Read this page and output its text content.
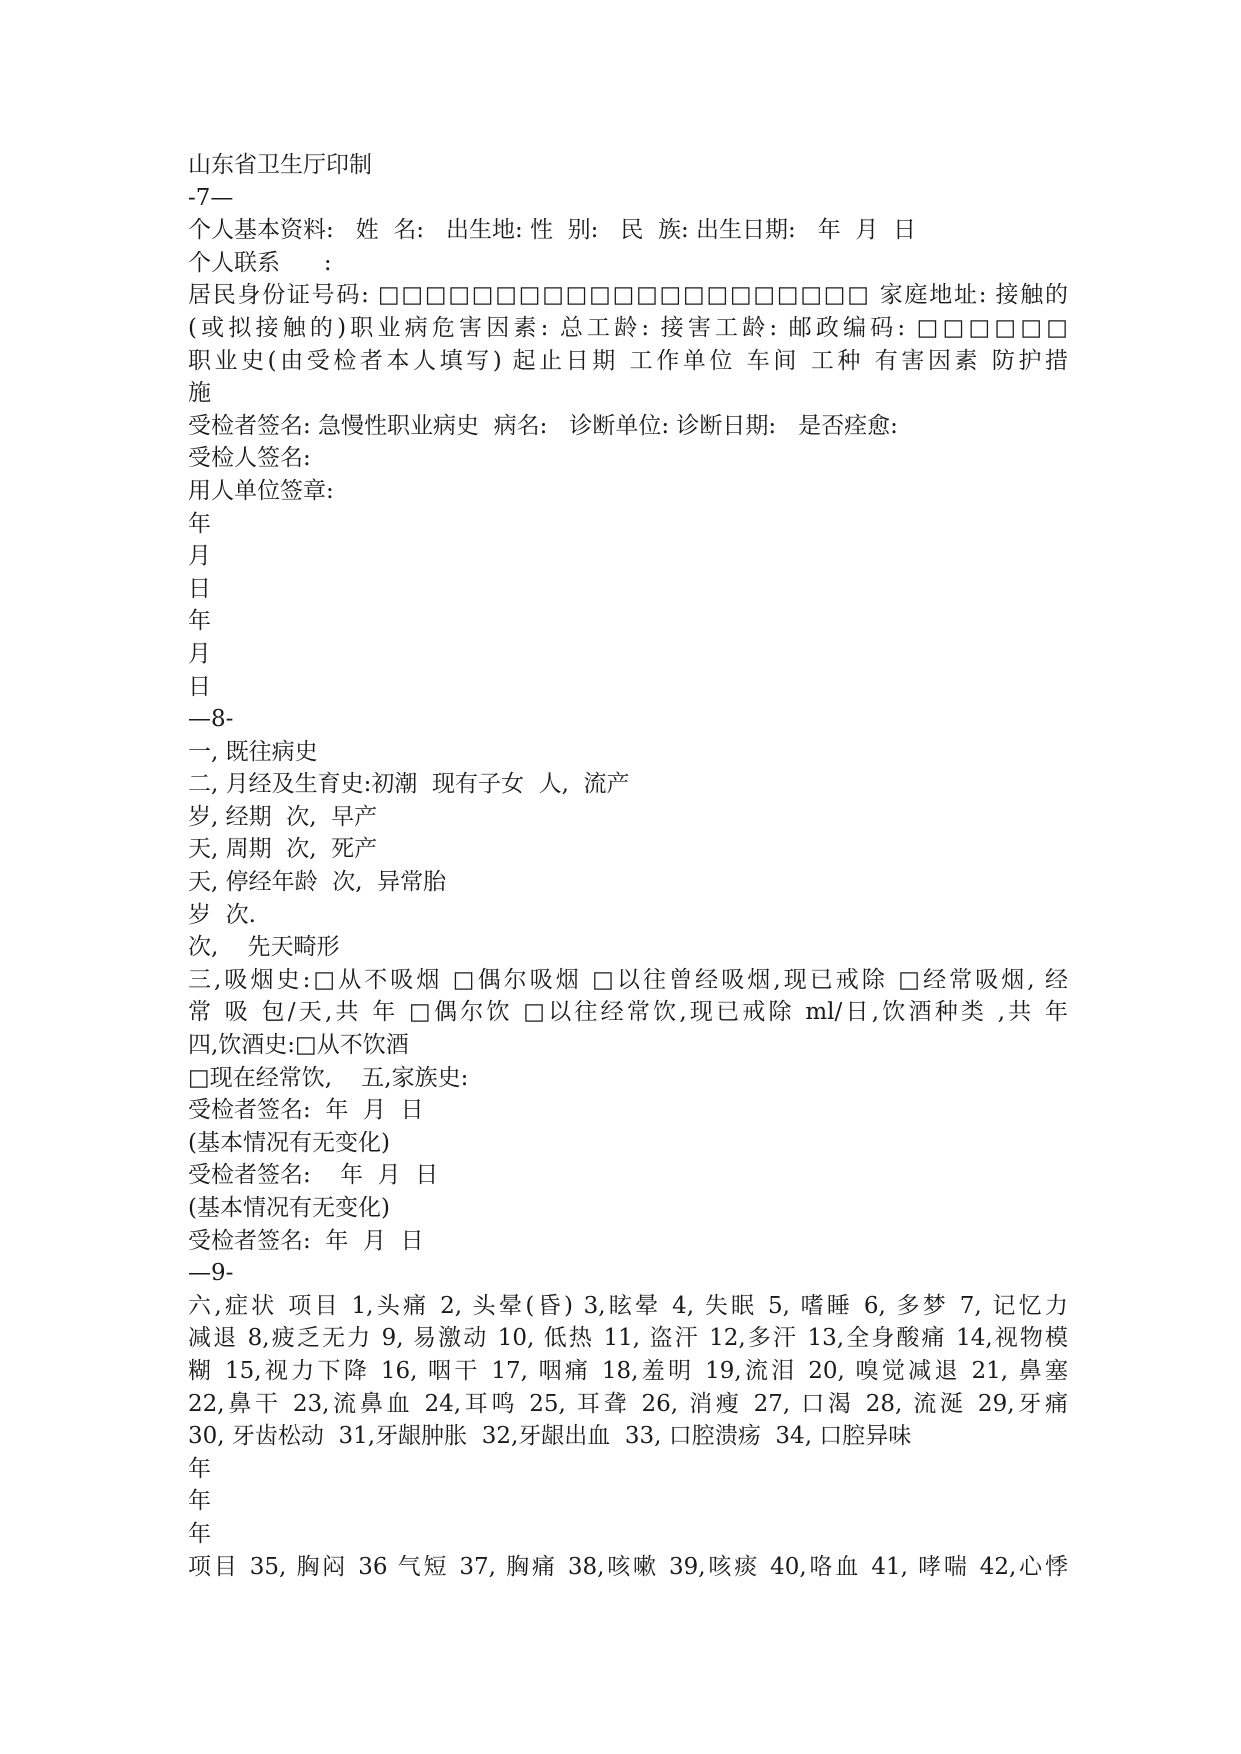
山东省卫生厅印制
-7—
个人基本资料:   姓  名:   出生地: 性  别:   民  族: 出生日期:   年  月  日
个人联系      :
居民身份证号码: □□□□□□□□□□□□□□□□□□□□□ 家庭地址: 接触的
(或拟接触的)职业病危害因素: 总工龄: 接害工龄: 邮政编码: □□□□□□
职业史(由受检者本人填写) 起止日期 工作单位 车间 工种 有害因素 防护措
施
受检者签名: 急慢性职业病史  病名:   诊断单位: 诊断日期:   是否痊愈:
受检人签名:
用人单位签章:
年
月
日
年
月
日
—8-
一, 既往病史
二, 月经及生育史:初潮  现有子女  人,  流产
岁, 经期  次,  早产
天, 周期  次,  死产
天, 停经年龄  次,  异常胎
岁  次.
次,    先天畸形
三,吸烟史:□从不吸烟 □偶尔吸烟 □以往曾经吸烟,现已戒除 □经常吸烟, 经
常 吸 包/天,共 年 □偶尔饮 □以往经常饮,现已戒除 ml/日,饮酒种类 ,共 年
四,饮酒史:□从不饮酒
□现在经常饮,    五,家族史:
受检者签名:  年  月  日
(基本情况有无变化)
受检者签名:    年  月  日
(基本情况有无变化)
受检者签名:  年  月  日
—9-
六,症状 项目 1,头痛 2, 头晕(昏) 3,眩晕 4, 失眠 5, 嗜睡 6, 多梦 7, 记忆力
减退 8,疲乏无力 9, 易激动 10, 低热 11, 盗汗 12,多汗 13,全身酸痛 14,视物模
糊 15,视力下降 16, 咽干 17, 咽痛 18,羞明 19,流泪 20, 嗅觉减退 21, 鼻塞
22,鼻干 23,流鼻血 24,耳鸣 25, 耳聋 26, 消瘦 27, 口渴 28, 流涎 29,牙痛
30, 牙齿松动  31,牙龈肿胀  32,牙龈出血  33, 口腔溃疡  34, 口腔异味
年
年
年
项目 35, 胸闷 36 气短 37, 胸痛 38,咳嗽 39,咳痰 40,咯血 41, 哮喘 42,心悸
